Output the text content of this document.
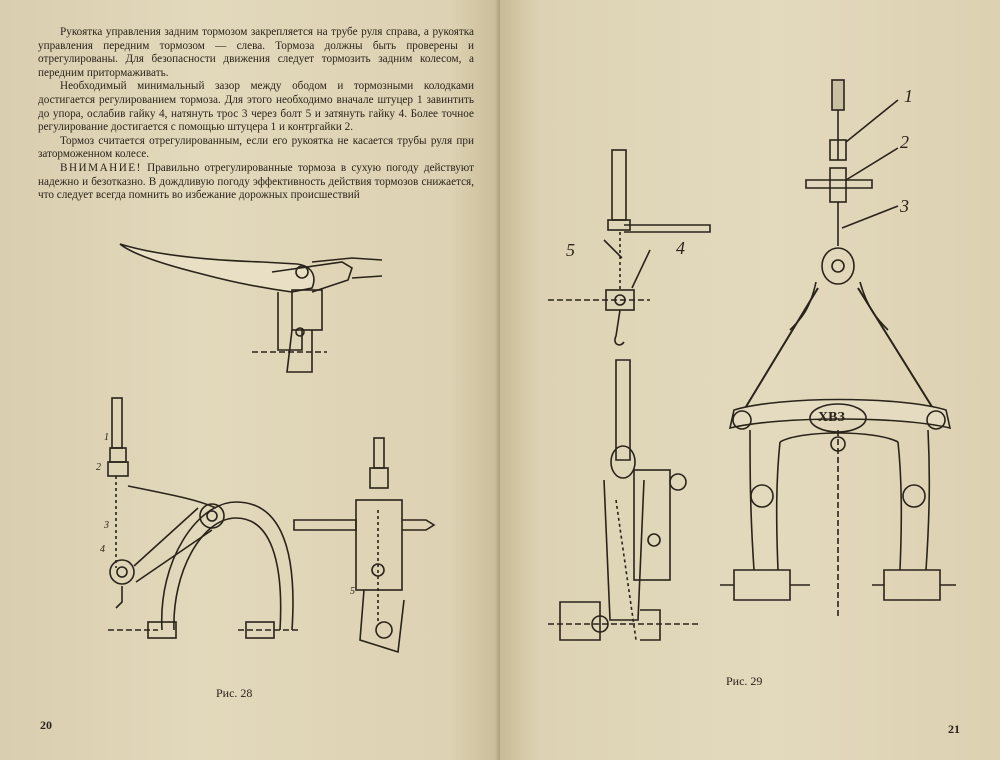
Рукоятка управления задним тормозом закрепляется на трубе руля справа, а рукоятка управления передним тормозом — слева. Тормоза должны быть проверены и отрегулированы. Для безопасности движения следует тормозить задним колесом, а передним притормаживать.

Необходимый минимальный зазор между ободом и тормозными колодками достигается регулированием тормоза. Для этого необходимо вначале штуцер 1 завинтить до упора, ослабив гайку 4, натянуть трос 3 через болт 5 и затянуть гайку 4. Более точное регулирование достигается с помощью штуцера 1 и контргайки 2.

Тормоз считается отрегулированным, если его рукоятка не касается трубы руля при заторможенном колесе.

ВНИМАНИЕ! Правильно отрегулированные тормоза в сухую погоду действуют надежно и безотказно. В дождливую погоду эффективность действия тормозов снижается, что следует всегда помнить во избежание дорожных происшествий

Рис. 28
20
1
2
3
4
5
ХВЗ
Рис. 29
21
1
2
3
4
5
